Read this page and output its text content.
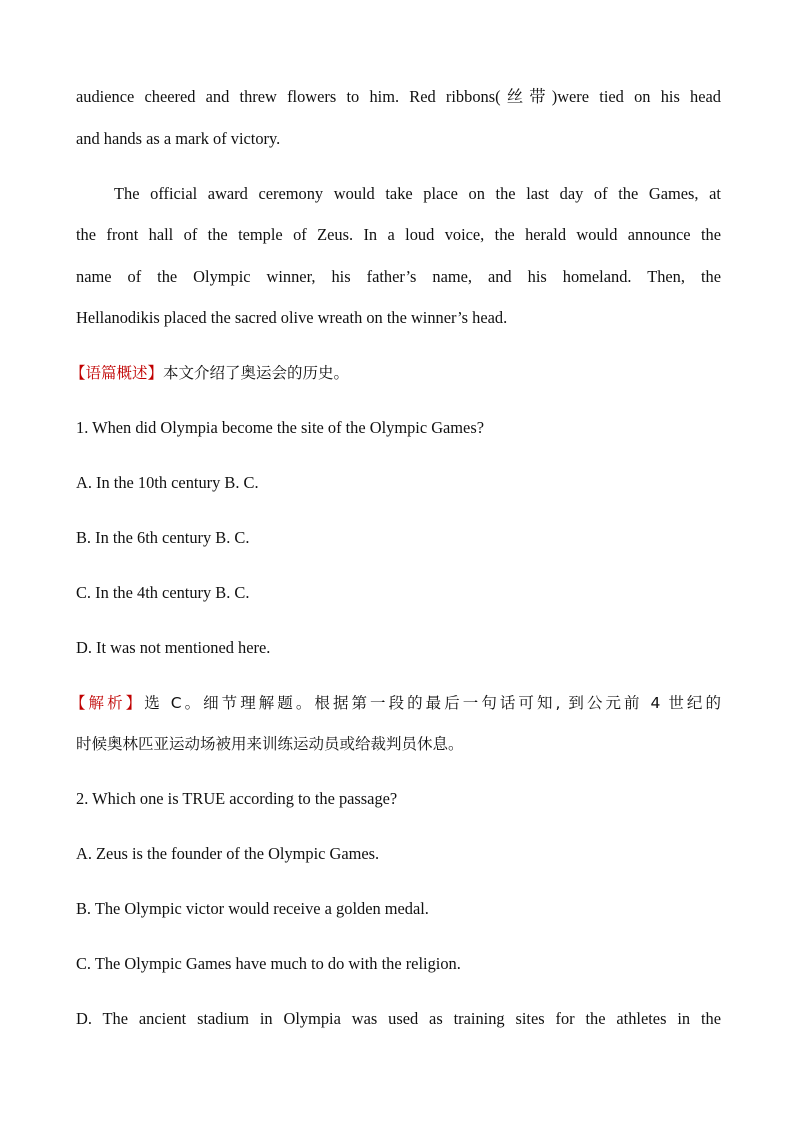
audience cheered and threw flowers to him. Red ribbons(丝带)were tied on his head
and hands as a mark of victory.
The official award ceremony would take place on the last day of the Games, at
the front hall of the temple of Zeus. In a loud voice, the herald would announce the
name of the Olympic winner, his father’s name, and his homeland. Then, the
Hellanodikis placed the sacred olive wreath on the winner’s head.
【语篇概述】本文介绍了奥运会的历史。
1. When did Olympia become the site of the Olympic Games?
A. In the 10th century B. C.
B. In the 6th century B. C.
C. In the 4th century B. C.
D. It was not mentioned here.
【解析】选 C。细节理解题。根据第一段的最后一句话可知, 到公元前 4 世纪的
时候奥林匹亚运动场被用来训练运动员或给裁判员休息。
2. Which one is TRUE according to the passage?
A. Zeus is the founder of the Olympic Games.
B. The Olympic victor would receive a golden medal.
C. The Olympic Games have much to do with the religion.
D. The ancient stadium in Olympia was used as training sites for the athletes in the
